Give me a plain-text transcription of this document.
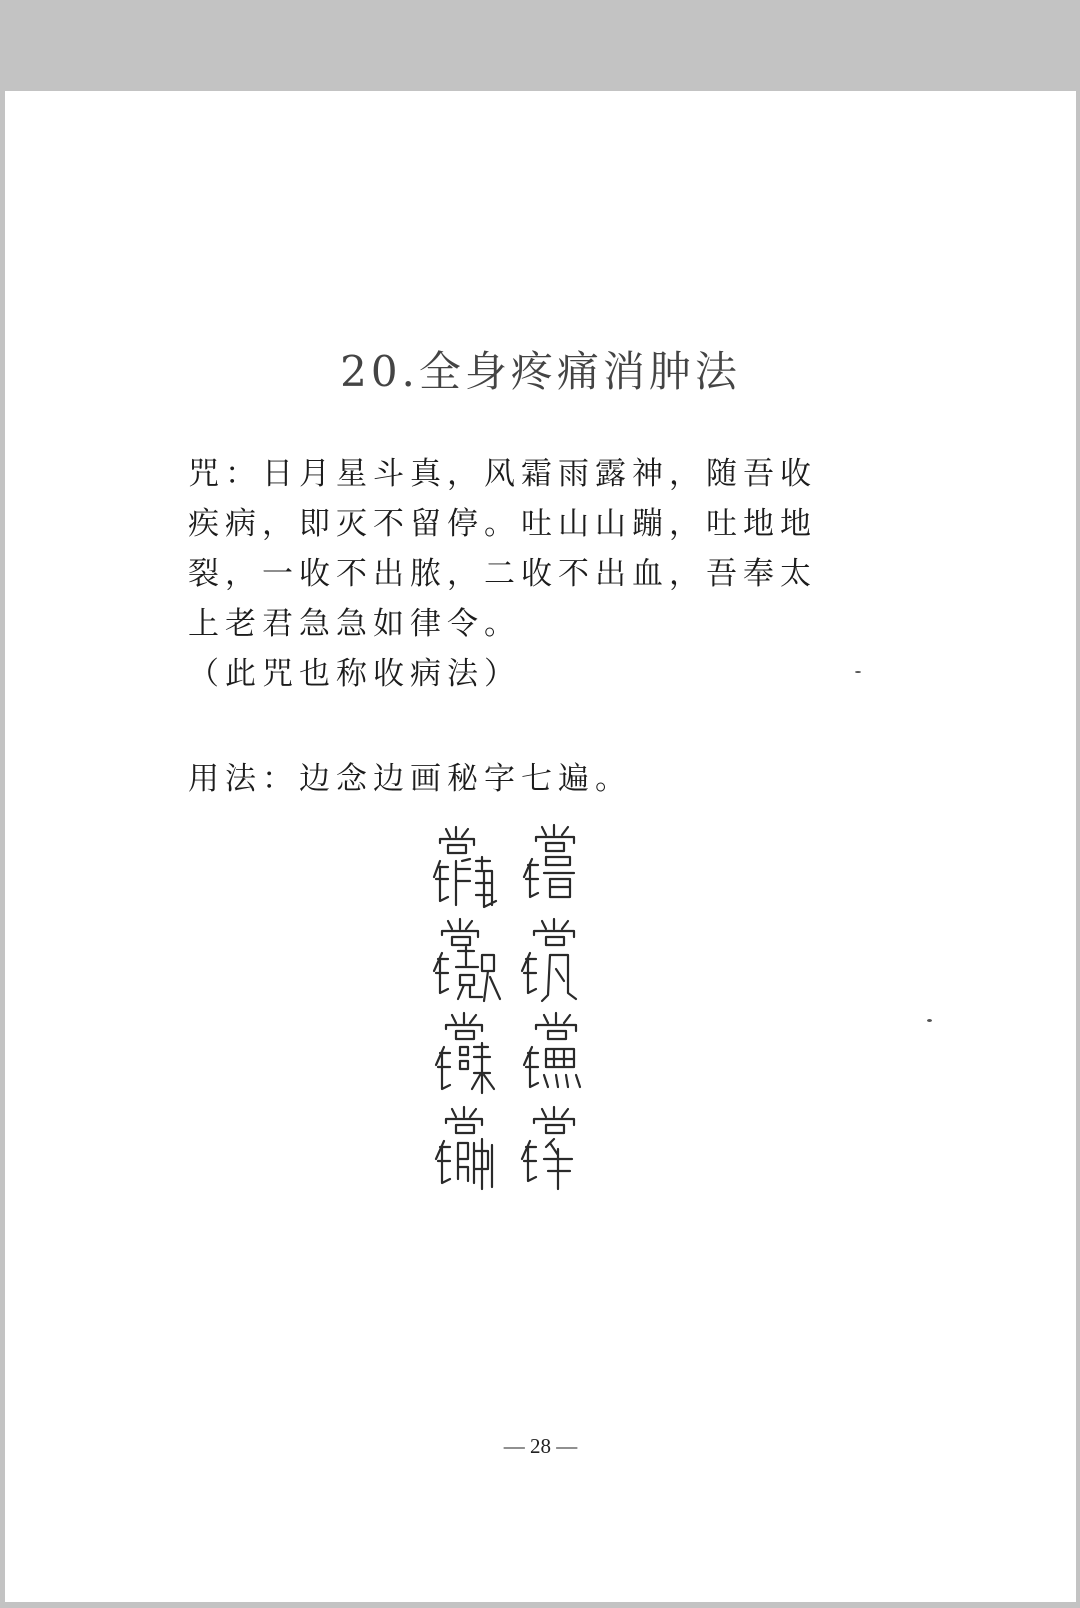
20.全身疼痛消肿法

咒：日月星斗真，风霜雨露神，随吾收

疾病，即灭不留停。吐山山蹦，吐地地

裂，一收不出脓，二收不出血，吾奉太

上老君急急如律令。

（此咒也称收病法）

用法：边念边画秘字七遍。
— 28 —
